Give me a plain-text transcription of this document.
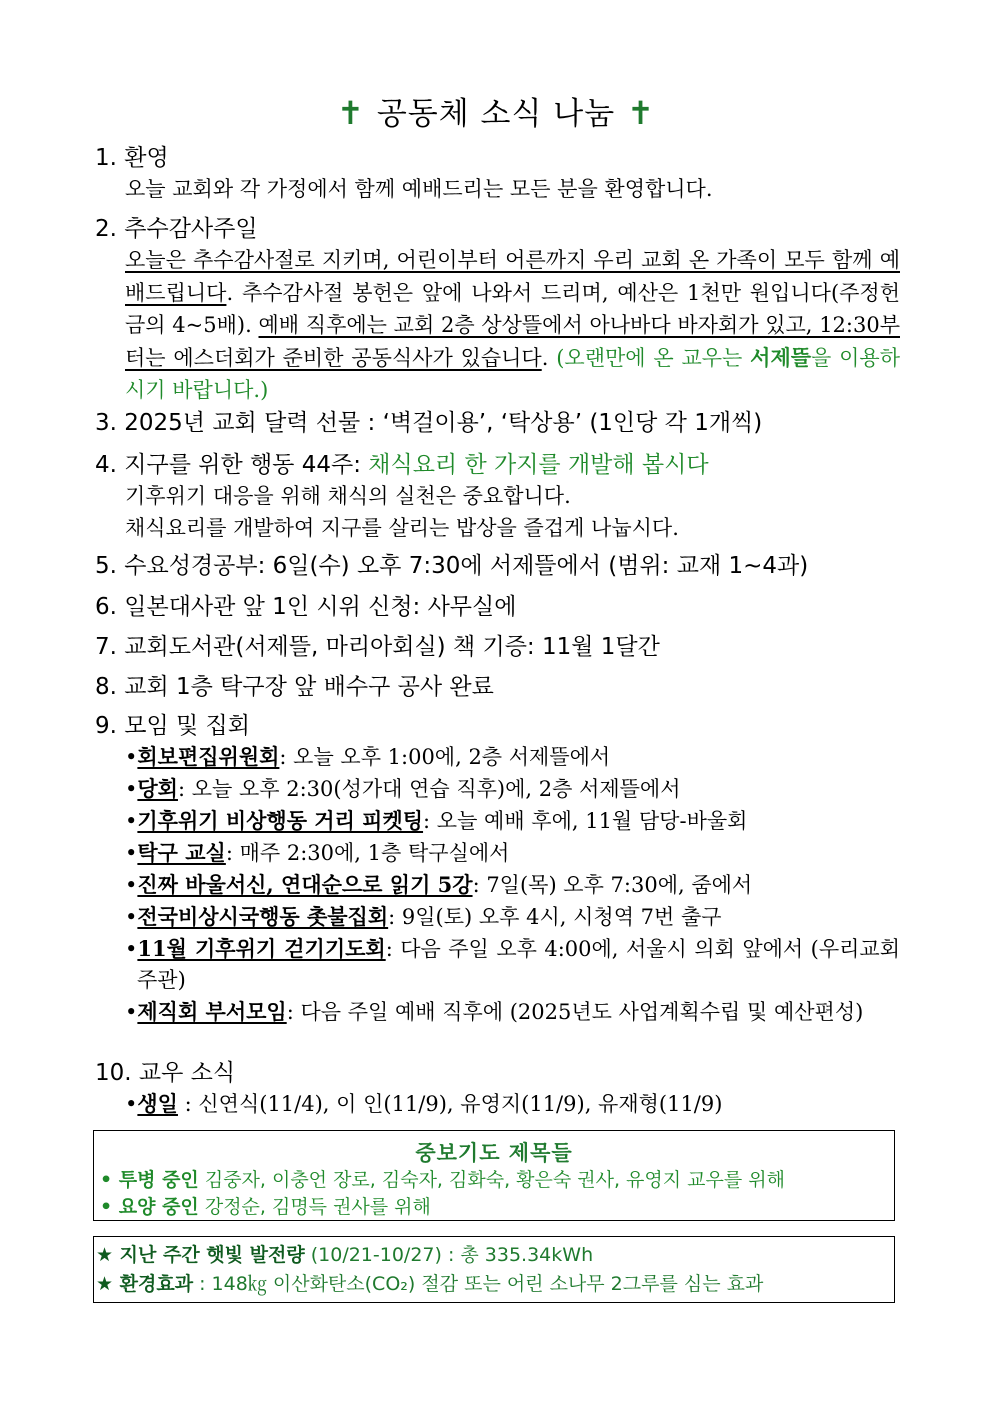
✝ 공동체 소식 나눔 ✝
1. 환영
오늘 교회와 각 가정에서 함께 예배드리는 모든 분을 환영합니다.
2. 추수감사주일
오늘은 추수감사절로 지키며, 어린이부터 어른까지 우리 교회 온 가족이 모두 함께 예배드립니다. 추수감사절 봉헌은 앞에 나와서 드리며, 예산은 1천만 원입니다(주정헌금의 4~5배). 예배 직후에는 교회 2층 상상뜰에서 아나바다 바자회가 있고, 12:30부터는 에스더회가 준비한 공동식사가 있습니다. (오랜만에 온 교우는 서제뜰을 이용하시기 바랍니다.)
3. 2025년 교회 달력 선물 : ‘벽걸이용’, ‘탁상용’ (1인당 각 1개씩)
4. 지구를 위한 행동 44주: 채식요리 한 가지를 개발해 봅시다
기후위기 대응을 위해 채식의 실천은 중요합니다.
채식요리를 개발하여 지구를 살리는 밥상을 즐겁게 나눕시다.
5. 수요성경공부: 6일(수) 오후 7:30에 서제뜰에서 (범위: 교재 1~4과)
6. 일본대사관 앞 1인 시위 신청: 사무실에
7. 교회도서관(서제뜰, 마리아회실) 책 기증: 11월 1달간
8. 교회 1층 탁구장 앞 배수구 공사 완료
9. 모임 및 집회
•회보편집위원회: 오늘 오후 1:00에, 2층 서제뜰에서
•당회: 오늘 오후 2:30(성가대 연습 직후)에, 2층 서제뜰에서
•기후위기 비상행동 거리 피켓팅: 오늘 예배 후에, 11월 담당-바울회
•탁구 교실: 매주 2:30에, 1층 탁구실에서
•진짜 바울서신, 연대순으로 읽기 5강: 7일(목) 오후 7:30에, 줌에서
•전국비상시국행동 촛불집회: 9일(토) 오후 4시, 시청역 7번 출구
•11월 기후위기 걷기기도회: 다음 주일 오후 4:00에, 서울시 의회 앞에서 (우리교회 주관)
•제직회 부서모임: 다음 주일 예배 직후에 (2025년도 사업계획수립 및 예산편성)
10. 교우 소식
•생일 : 신연식(11/4), 이 인(11/9), 유영지(11/9), 유재형(11/9)
중보기도 제목들
• 투병 중인 김중자, 이충언 장로, 김숙자, 김화숙, 황은숙 권사, 유영지 교우를 위해
• 요양 중인 강정순, 김명득 권사를 위해
★ 지난 주간 햇빛 발전량 (10/21-10/27) : 총 335.34kWh
★ 환경효과 : 148㎏ 이산화탄소(CO₂) 절감 또는 어린 소나무 2그루를 심는 효과
